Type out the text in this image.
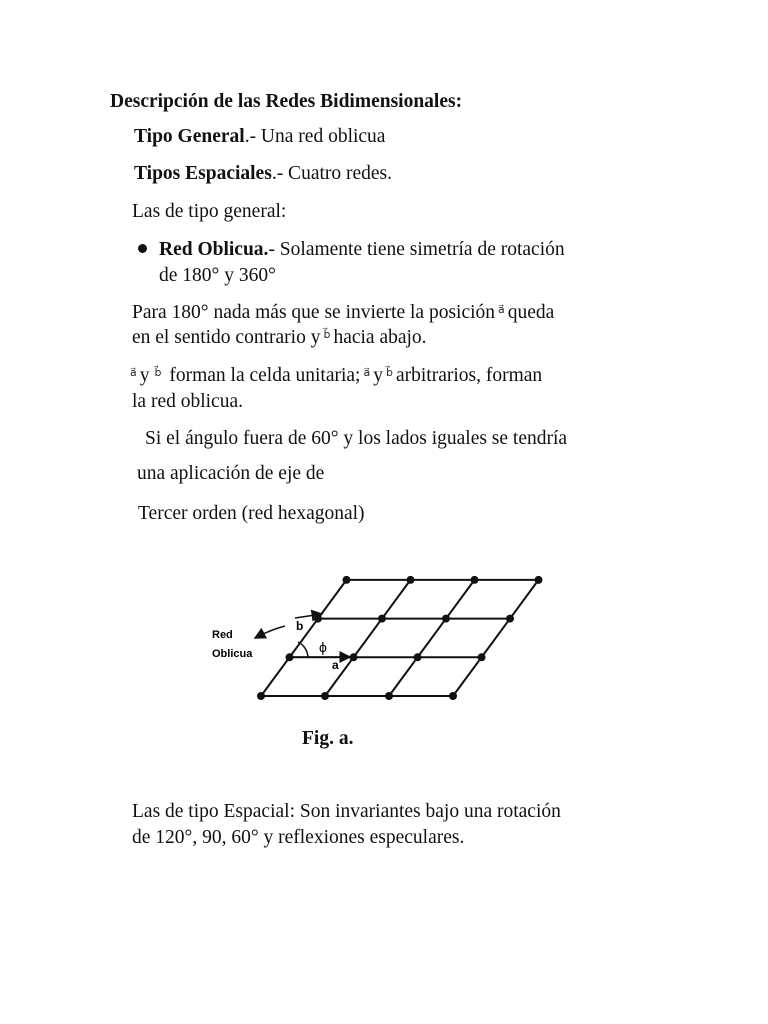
Descripción de las Redes Bidimensionales:
Tipo General.- Una red oblicua
Tipos Espaciales.- Cuatro redes.
Las de tipo general:
Red Oblicua.- Solamente tiene simetría de rotación
de 180° y 360°
Para 180° nada más que se invierte la posición $^{a⃗}$ queda
en el sentido contrario y $^{b⃗}$ hacia abajo.
$^{a⃗}$ y $^{b⃗}$ forman la celda unitaria; $^{a⃗}$ y $^{b⃗}$ arbitrarios, forman
la red oblicua.
Si el ángulo fuera de 60° y los lados iguales se tendría
una aplicación de eje de
Tercer orden (red hexagonal)
Red
Oblicua
b
a
ϕ
Fig. a.
Las de tipo Espacial: Son invariantes bajo una rotación
de 120°, 90, 60° y reflexiones especulares.
